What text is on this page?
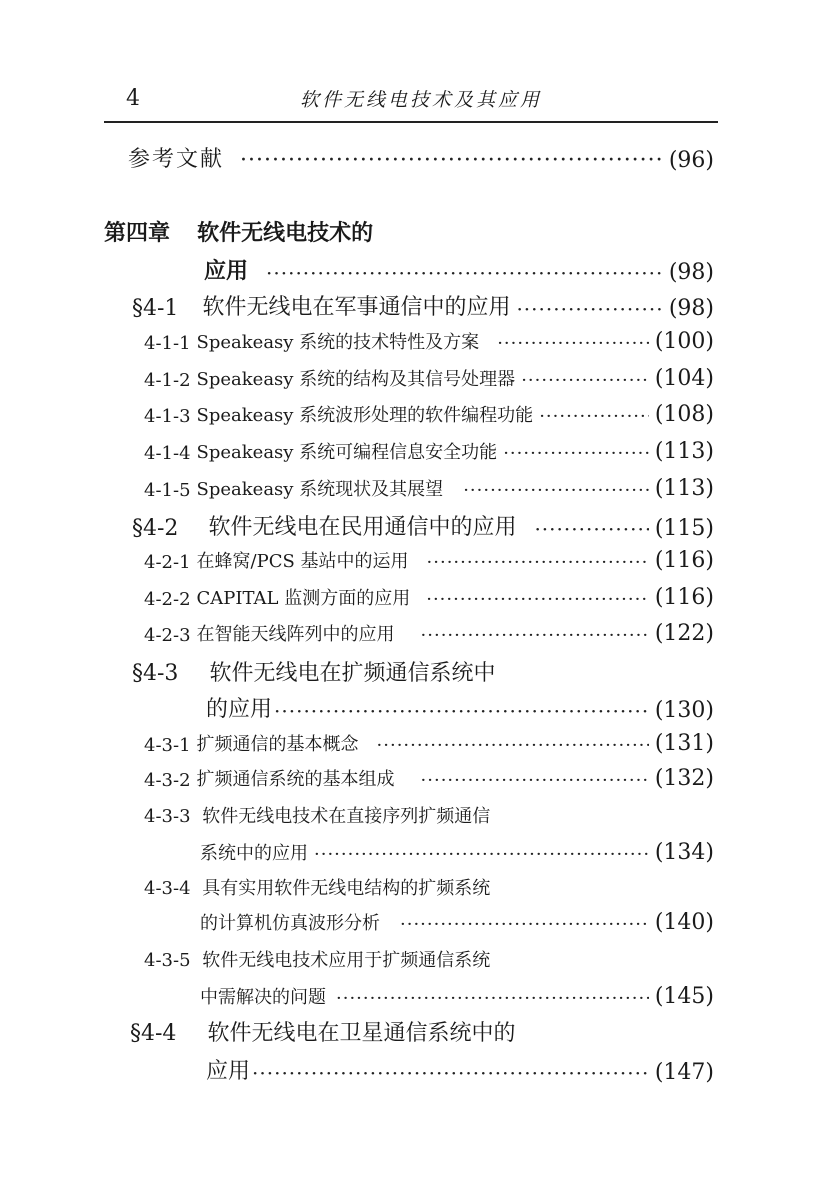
4	软件无线电技术及其应用
参考文献 ·····	(96)
第四章 软件无线电技术的
应用 ·····	(98)
§4-1 软件无线电在军事通信中的应用 ·····	(98)
4-1-1 Speakeasy 系统的技术特性及方案 ·····	(100)
4-1-2 Speakeasy 系统的结构及其信号处理器 ·····	(104)
4-1-3 Speakeasy 系统波形处理的软件编程功能 ·····	(108)
4-1-4 Speakeasy 系统可编程信息安全功能 ·····	(113)
4-1-5 Speakeasy 系统现状及其展望 ·····	(113)
§4-2 软件无线电在民用通信中的应用 ·····	(115)
4-2-1 在蜂窝/PCS 基站中的运用 ·····	(116)
4-2-2 CAPITAL 监测方面的应用 ·····	(116)
4-2-3 在智能天线阵列中的应用 ·····	(122)
§4-3 软件无线电在扩频通信系统中
的应用 ·····	(130)
4-3-1 扩频通信的基本概念 ·····	(131)
4-3-2 扩频通信系统的基本组成 ·····	(132)
4-3-3 软件无线电技术在直接序列扩频通信
系统中的应用 ·····	(134)
4-3-4 具有实用软件无线电结构的扩频系统
的计算机仿真波形分析 ·····	(140)
4-3-5 软件无线电技术应用于扩频通信系统
中需解决的问题 ·····	(145)
§4-4 软件无线电在卫星通信系统中的
应用 ·····	(147)
